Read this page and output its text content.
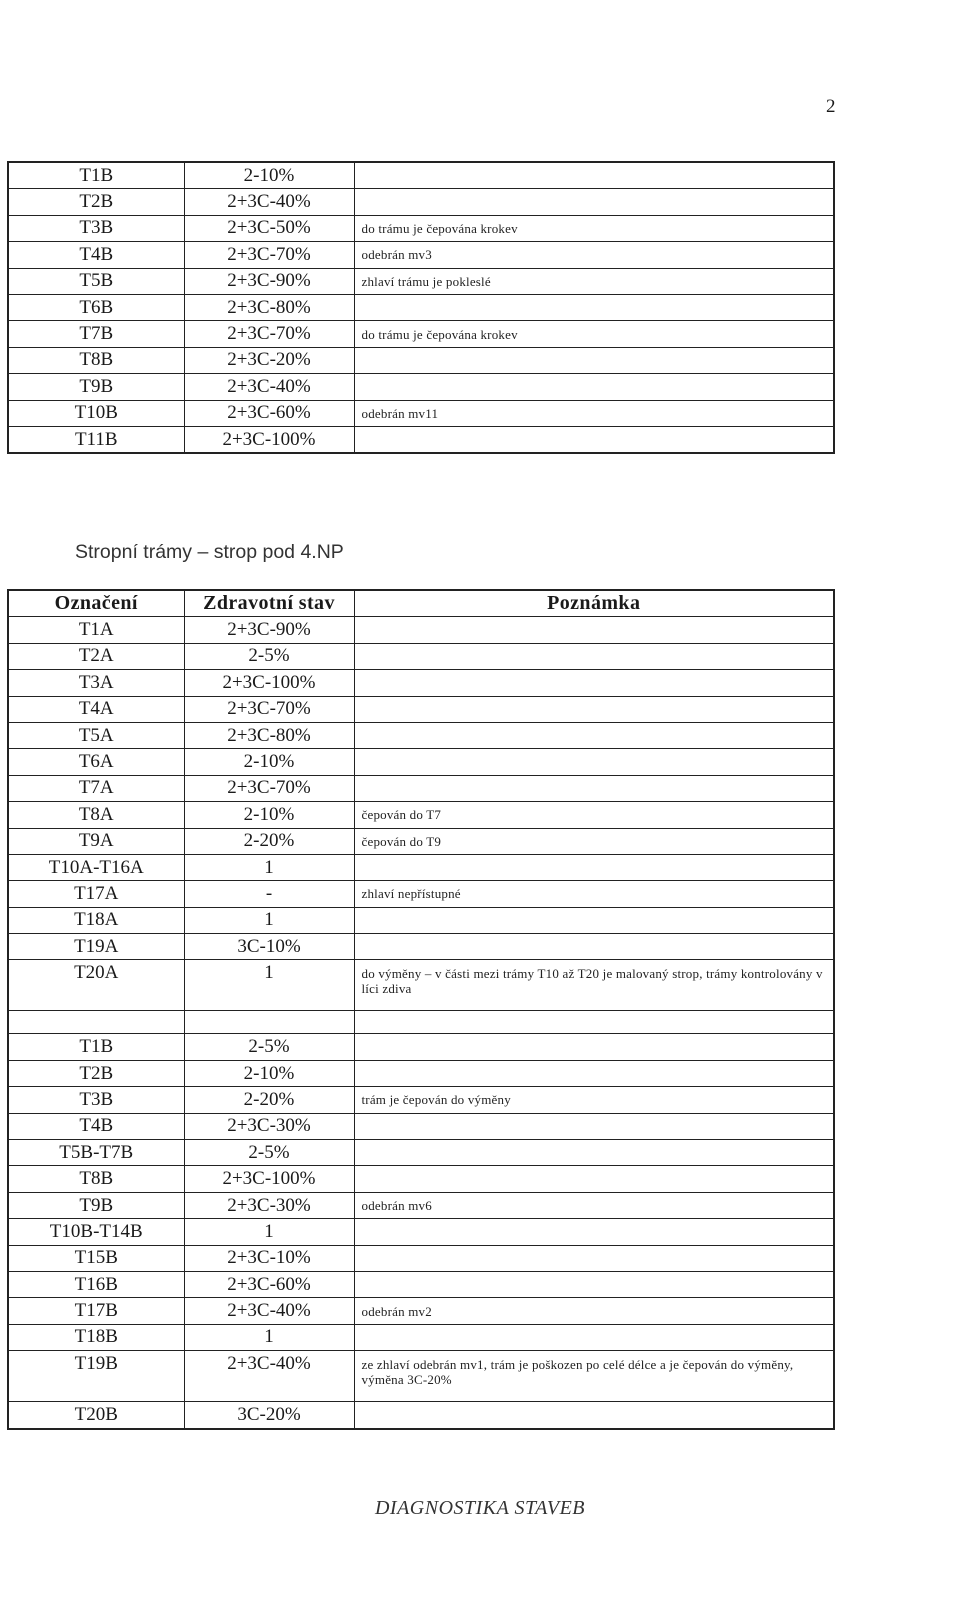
2
T1B	2-10%	
T2B	2+3C-40%	
T3B	2+3C-50%	do trámu je čepována krokev
T4B	2+3C-70%	odebrán mv3
T5B	2+3C-90%	zhlaví trámu je pokleslé
T6B	2+3C-80%	
T7B	2+3C-70%	do trámu je čepována krokev
T8B	2+3C-20%	
T9B	2+3C-40%	
T10B	2+3C-60%	odebrán mv11
T11B	2+3C-100%	
Stropní trámy – strop pod 4.NP
Označení	Zdravotní stav	Poznámka
T1A	2+3C-90%	
T2A	2-5%	
T3A	2+3C-100%	
T4A	2+3C-70%	
T5A	2+3C-80%	
T6A	2-10%	
T7A	2+3C-70%	
T8A	2-10%	čepován do T7
T9A	2-20%	čepován do T9
T10A-T16A	1	
T17A	-	zhlaví nepřístupné
T18A	1	
T19A	3C-10%	
T20A	1	do výměny – v části mezi trámy T10 až T20 je malovaný strop, trámy kontrolovány v líci zdiva

T1B	2-5%	
T2B	2-10%	
T3B	2-20%	trám je čepován do výměny
T4B	2+3C-30%	
T5B-T7B	2-5%	
T8B	2+3C-100%	
T9B	2+3C-30%	odebrán mv6
T10B-T14B	1	
T15B	2+3C-10%	
T16B	2+3C-60%	
T17B	2+3C-40%	odebrán mv2
T18B	1	
T19B	2+3C-40%	ze zhlaví odebrán mv1, trám je poškozen po celé délce a je čepován do výměny, výměna 3C-20%
T20B	3C-20%	
DIAGNOSTIKA STAVEB
